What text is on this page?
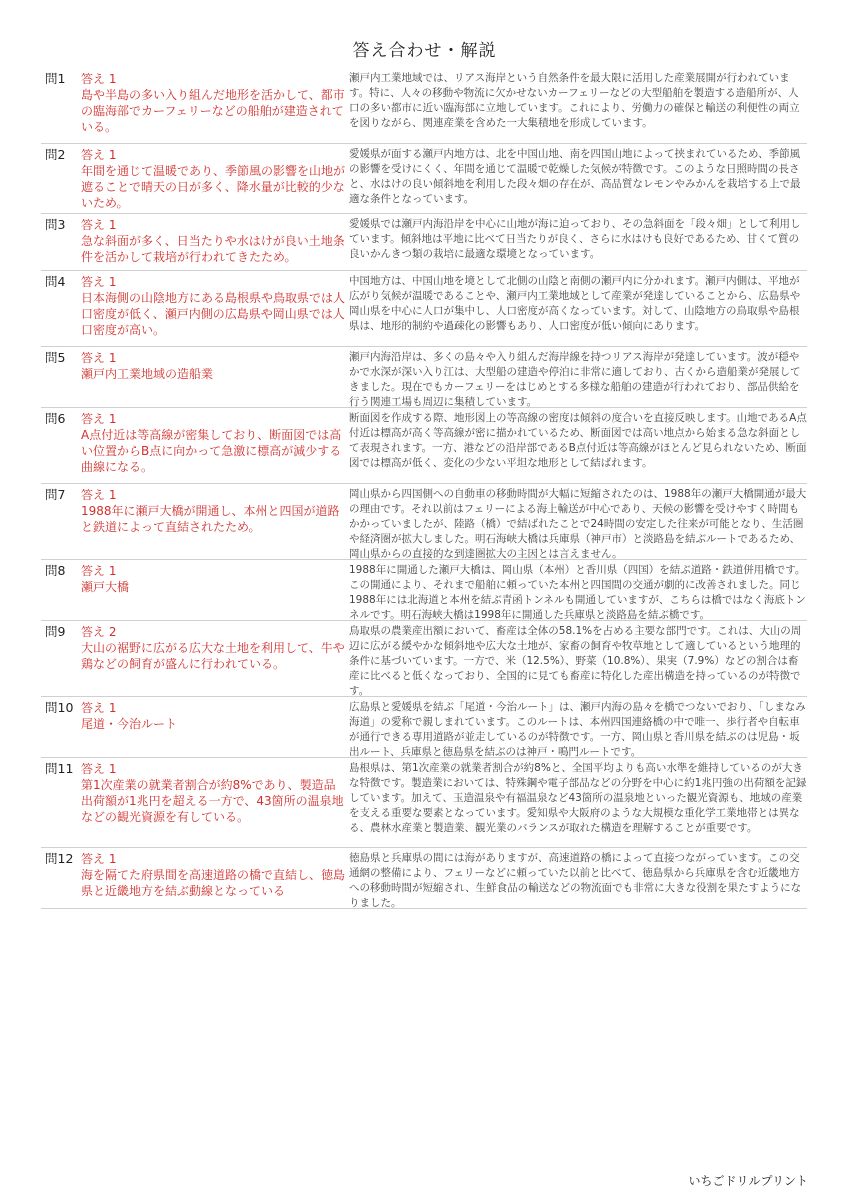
答え合わせ・解説
問1	答え 1
島や半島の多い入り組んだ地形を活かして、都市の臨海部でカーフェリーなどの船舶が建造されている。
瀬戸内工業地域では、リアス海岸という自然条件を最大限に活用した産業展開が行われています。特に、人々の移動や物流に欠かせないカーフェリーなどの大型船舶を製造する造船所が、人口の多い都市に近い臨海部に立地しています。これにより、労働力の確保と輸送の利便性の両立を図りながら、関連産業を含めた一大集積地を形成しています。
問2	答え 1
年間を通じて温暖であり、季節風の影響を山地が遮ることで晴天の日が多く、降水量が比較的少ないため。
愛媛県が面する瀬戸内地方は、北を中国山地、南を四国山地によって挟まれているため、季節風の影響を受けにくく、年間を通じて温暖で乾燥した気候が特徴です。このような日照時間の長さと、水はけの良い傾斜地を利用した段々畑の存在が、高品質なレモンやみかんを栽培する上で最適な条件となっています。
問3	答え 1
急な斜面が多く、日当たりや水はけが良い土地条件を活かして栽培が行われてきたため。
愛媛県では瀬戸内海沿岸を中心に山地が海に迫っており、その急斜面を「段々畑」として利用しています。傾斜地は平地に比べて日当たりが良く、さらに水はけも良好であるため、甘くて質の良いかんきつ類の栽培に最適な環境となっています。
問4	答え 1
日本海側の山陰地方にある島根県や鳥取県では人口密度が低く、瀬戸内側の広島県や岡山県では人口密度が高い。
中国地方は、中国山地を境として北側の山陰と南側の瀬戸内に分かれます。瀬戸内側は、平地が広がり気候が温暖であることや、瀬戸内工業地域として産業が発達していることから、広島県や岡山県を中心に人口が集中し、人口密度が高くなっています。対して、山陰地方の鳥取県や島根県は、地形的制約や過疎化の影響もあり、人口密度が低い傾向にあります。
問5	答え 1
瀬戸内工業地域の造船業
瀬戸内海沿岸は、多くの島々や入り組んだ海岸線を持つリアス海岸が発達しています。波が穏やかで水深が深い入り江は、大型船の建造や停泊に非常に適しており、古くから造船業が発展してきました。現在でもカーフェリーをはじめとする多様な船舶の建造が行われており、部品供給を行う関連工場も周辺に集積しています。
問6	答え 1
A点付近は等高線が密集しており、断面図では高い位置からB点に向かって急激に標高が減少する曲線になる。
断面図を作成する際、地形図上の等高線の密度は傾斜の度合いを直接反映します。山地であるA点付近は標高が高く等高線が密に描かれているため、断面図では高い地点から始まる急な斜面として表現されます。一方、港などの沿岸部であるB点付近は等高線がほとんど見られないため、断面図では標高が低く、変化の少ない平坦な地形として結ばれます。
問7	答え 1
1988年に瀬戸大橋が開通し、本州と四国が道路と鉄道によって直結されたため。
岡山県から四国側への自動車の移動時間が大幅に短縮されたのは、1988年の瀬戸大橋開通が最大の理由です。それ以前はフェリーによる海上輸送が中心であり、天候の影響を受けやすく時間もかかっていましたが、陸路（橋）で結ばれたことで24時間の安定した往来が可能となり、生活圏や経済圏が拡大しました。明石海峡大橋は兵庫県（神戸市）と淡路島を結ぶルートであるため、岡山県からの直接的な到達圏拡大の主因とは言えません。
問8	答え 1
瀬戸大橋
1988年に開通した瀬戸大橋は、岡山県（本州）と香川県（四国）を結ぶ道路・鉄道併用橋です。この開通により、それまで船舶に頼っていた本州と四国間の交通が劇的に改善されました。同じ1988年には北海道と本州を結ぶ青函トンネルも開通していますが、こちらは橋ではなく海底トンネルです。明石海峡大橋は1998年に開通した兵庫県と淡路島を結ぶ橋です。
問9	答え 2
大山の裾野に広がる広大な土地を利用して、牛や鶏などの飼育が盛んに行われている。
鳥取県の農業産出額において、畜産は全体の58.1%を占める主要な部門です。これは、大山の周辺に広がる緩やかな傾斜地や広大な土地が、家畜の飼育や牧草地として適しているという地理的条件に基づいています。一方で、米（12.5%）、野菜（10.8%）、果実（7.9%）などの割合は畜産に比べると低くなっており、全国的に見ても畜産に特化した産出構造を持っているのが特徴です。
問10 答え 1
尾道・今治ルート
広島県と愛媛県を結ぶ「尾道・今治ルート」は、瀬戸内海の島々を橋でつないでおり、「しまなみ海道」の愛称で親しまれています。このルートは、本州四国連絡橋の中で唯一、歩行者や自転車が通行できる専用道路が並走しているのが特徴です。一方、岡山県と香川県を結ぶのは児島・坂出ルート、兵庫県と徳島県を結ぶのは神戸・鳴門ルートです。
問11 答え 1
第1次産業の就業者割合が約8%であり、製造品出荷額が1兆円を超える一方で、43箇所の温泉地などの観光資源を有している。
島根県は、第1次産業の就業者割合が約8%と、全国平均よりも高い水準を維持しているのが大きな特徴です。製造業においては、特殊鋼や電子部品などの分野を中心に約1兆円強の出荷額を記録しています。加えて、玉造温泉や有福温泉など43箇所の温泉地といった観光資源も、地域の産業を支える重要な要素となっています。愛知県や大阪府のような大規模な重化学工業地帯とは異なる、農林水産業と製造業、観光業のバランスが取れた構造を理解することが重要です。
問12 答え 1
海を隔てた府県間を高速道路の橋で直結し、徳島県と近畿地方を結ぶ動線となっている
徳島県と兵庫県の間には海がありますが、高速道路の橋によって直接つながっています。この交通網の整備により、フェリーなどに頼っていた以前と比べて、徳島県から兵庫県を含む近畿地方への移動時間が短縮され、生鮮食品の輸送などの物流面でも非常に大きな役割を果たすようになりました。
いちごドリルプリント
